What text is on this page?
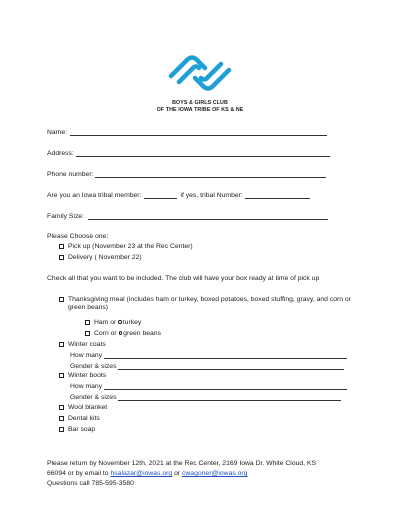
BOYS & GIRLS CLUB
OF THE IOWA TRIBE OF KS & NE
Name:
Address:
Phone number:
Are you an Iowa tribal member:	if yes, tribal Number:
Family Size:
Please Choose one:
Pick up (November 23 at the Rec Center)
Delivery ( November 22)
Check all that you want to be included. The club will have your box ready at time of pick up
Thanksgiving meal (includes ham or turkey, boxed potatoes, boxed stuffing, gravy, and corn or green beans)
Ham or turkey
Corn or green beans
Winter coats
How many
Gender & sizes
Winter boots
How many
Gender & sizes
Wool blanket
Dental kits
Bar soap
Please return by November 12th, 2021 at the Rec Center, 2169 Iowa Dr. White Cloud, KS
66094 or by email to hsalazar@iowas.org or cwagoner@iowas.org
Questions call 785-595-3580
